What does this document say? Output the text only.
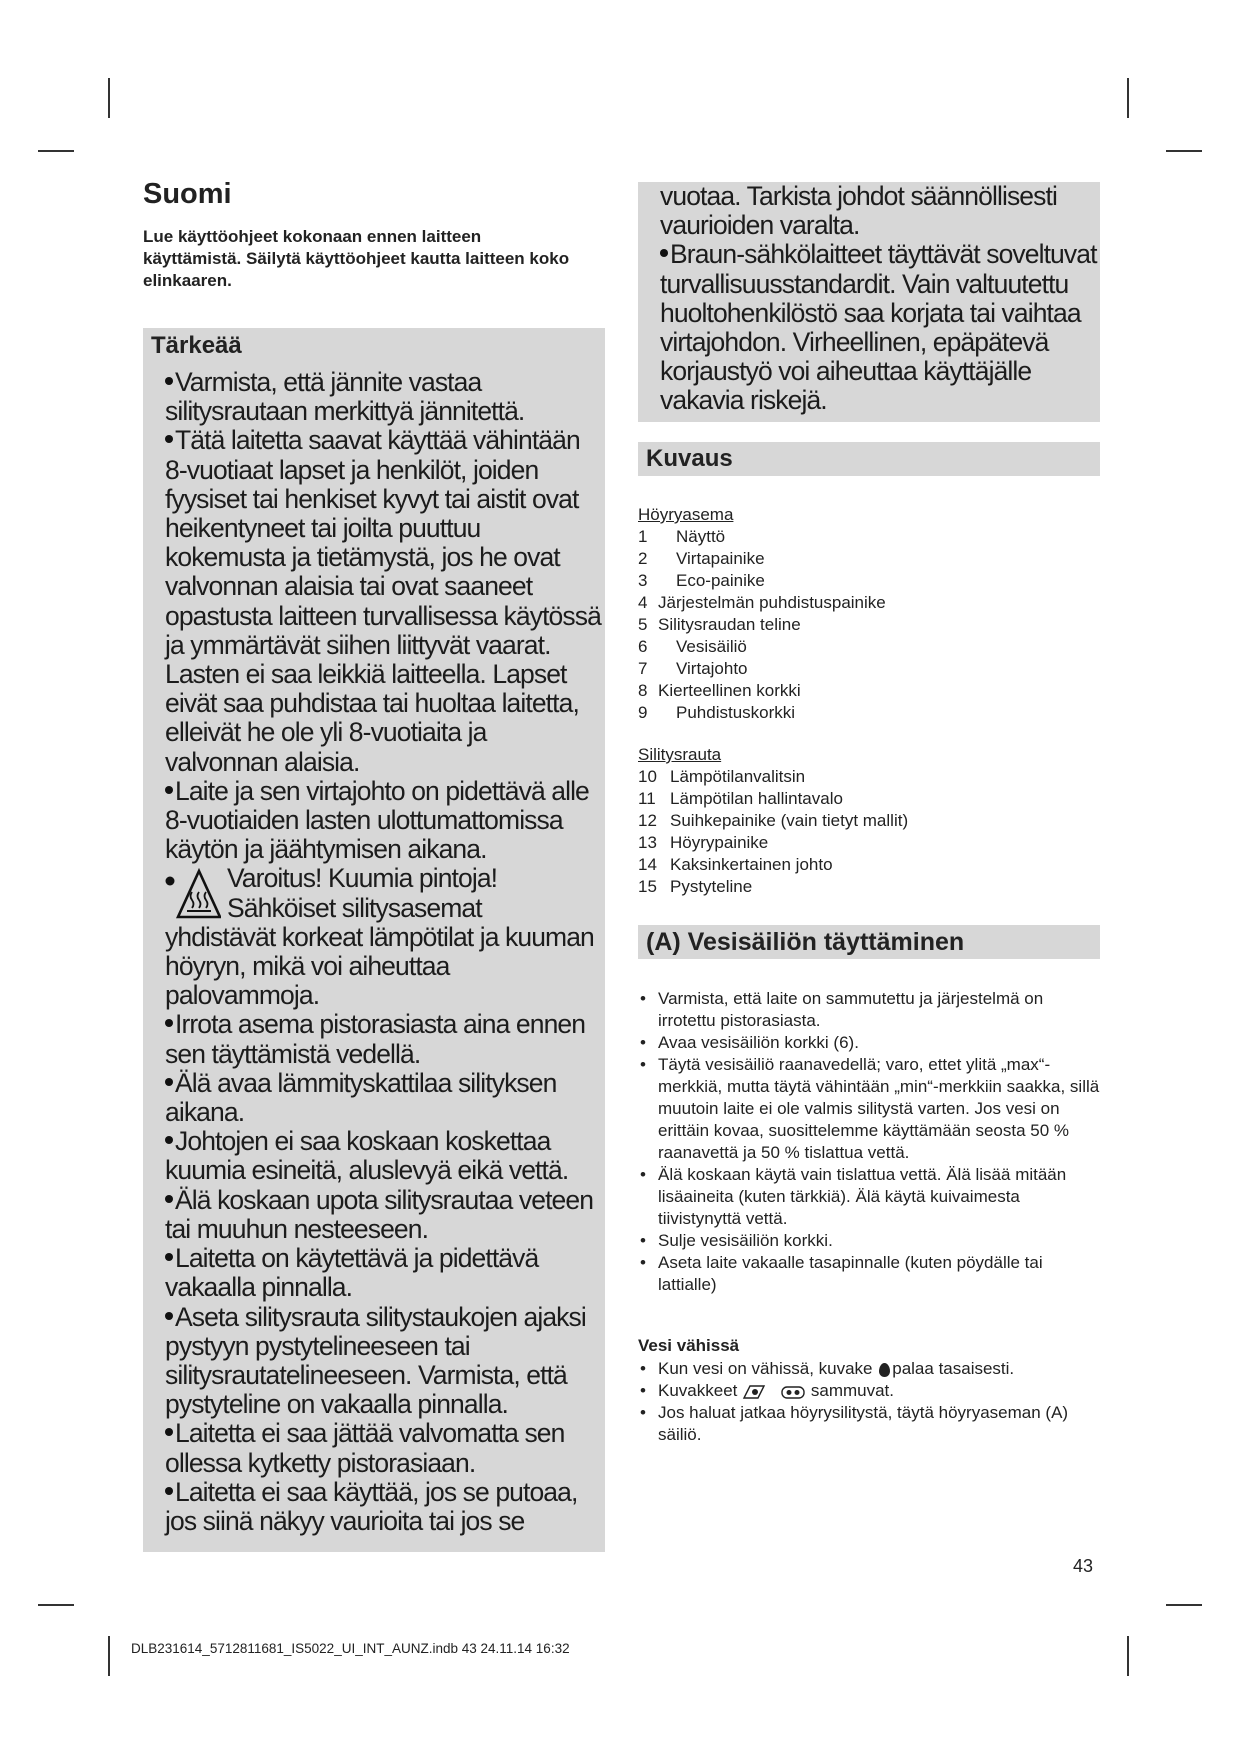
Suomi

Lue käyttöohjeet kokonaan ennen laitteen käyttämistä. Säilytä käyttöohjeet kautta laitteen koko elinkaaren.

Tärkeää

Varmista, että jännite vastaa silitysrautaan merkittyä jännitettä.

Tätä laitetta saavat käyttää vähintään 8-vuotiaat lapset ja henkilöt, joiden fyysiset tai henkiset kyvyt tai aistit ovat heikentyneet tai joilta puuttuu kokemusta ja tietämystä, jos he ovat valvonnan alaisia tai ovat saaneet opastusta laitteen turvallisessa käytössä ja ymmärtävät siihen liittyvät vaarat. Lasten ei saa leikkiä laitteella. Lapset eivät saa puhdistaa tai huoltaa laitetta, elleivät he ole yli 8-vuotiaita ja valvonnan alaisia.

Laite ja sen virtajohto on pidettävä alle 8-vuotiaiden lasten ulottumattomissa käytön ja jäähtymisen aikana.

Varoitus! Kuumia pintoja!
Sähköiset silitysasemat

yhdistävät korkeat lämpötilat ja kuuman höyryn, mikä voi aiheuttaa palovammoja.

Irrota asema pistorasiasta aina ennen sen täyttämistä vedellä.

Älä avaa lämmityskattilaa silityksen aikana.

Johtojen ei saa koskaan koskettaa kuumia esineitä, aluslevyä eikä vettä.

Älä koskaan upota silitysrautaa veteen tai muuhun nesteeseen.

Laitetta on käytettävä ja pidettävä vakaalla pinnalla.

Aseta silitysrauta silitystaukojen ajaksi pystyyn pystytelineeseen tai silitysrautatelineeseen. Varmista, että pystyteline on vakaalla pinnalla.

Laitetta ei saa jättää valvomatta sen ollessa kytketty pistorasiaan.

Laitetta ei saa käyttää, jos se putoaa, jos siinä näkyy vaurioita tai jos se

vuotaa. Tarkista johdot säännöllisesti vaurioiden varalta.

Braun-sähkölaitteet täyttävät soveltuvat turvallisuusstandardit. Vain valtuutettu huoltohenkilöstö saa korjata tai vaihtaa virtajohdon. Virheellinen, epäpätevä korjaustyö voi aiheuttaa käyttäjälle vakavia riskejä.

Kuvaus
Höyryasema
1 Näyttö
2 Virtapainike
3 Eco-painike
4 Järjestelmän puhdistuspainike
5 Silitysraudan teline
6 Vesisäiliö
7 Virtajohto
8 Kierteellinen korkki
9 Puhdistuskorkki
Silitysrauta
10 Lämpötilanvalitsin
11 Lämpötilan hallintavalo
12 Suihkepainike (vain tietyt mallit)
13 Höyrypainike
14 Kaksinkertainen johto
15 Pystyteline
(A) Vesisäiliön täyttäminen
• Varmista, että laite on sammutettu ja järjestelmä on irrotettu pistorasiasta.
• Avaa vesisäiliön korkki (6).
• Täytä vesisäiliö raanavedellä; varo, ettet ylitä „max“-merkkiä, mutta täytä vähintään „min“-merkkiin saakka, sillä muutoin laite ei ole valmis silitystä varten. Jos vesi on erittäin kovaa, suosittelemme käyttämään seosta 50 % raanavettä ja 50 % tislattua vettä.
• Älä koskaan käytä vain tislattua vettä. Älä lisää mitään lisäaineita (kuten tärkkiä). Älä käytä kuivaimesta tiivistynyttä vettä.
• Sulje vesisäiliön korkki.
• Aseta laite vakaalle tasapinnalle (kuten pöydälle tai lattialle)
Vesi vähissä
• Kun vesi on vähissä, kuvake palaa tasaisesti.
• Kuvakkeet	sammuvat.
• Jos haluat jatkaa höyrysilitystä, täytä höyryaseman (A) säiliö.
43
DLB231614_5712811681_IS5022_UI_INT_AUNZ.indb 43 24.11.14 16:32
